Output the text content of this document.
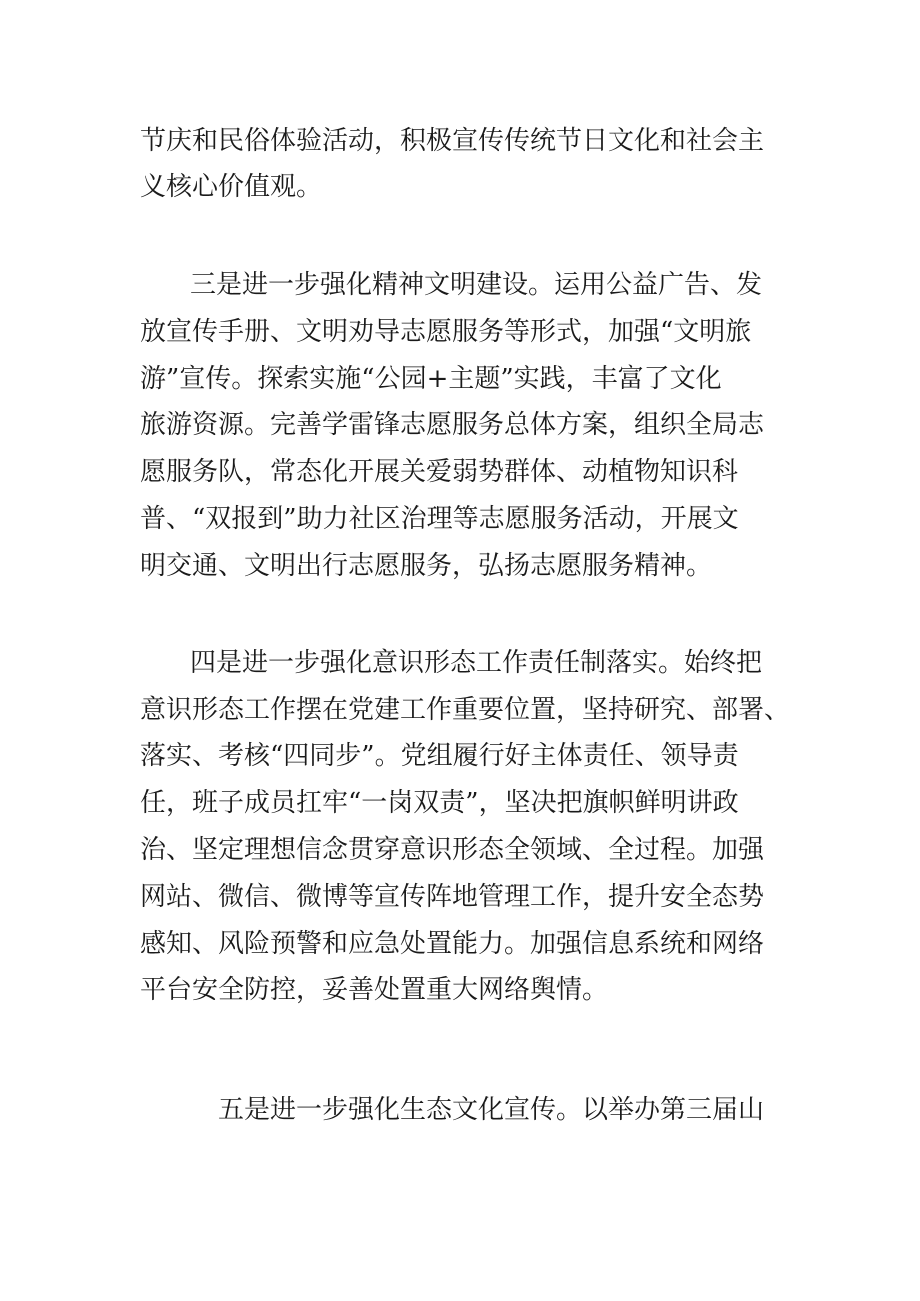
节庆和民俗体验活动，积极宣传传统节日文化和社会主
义核心价值观。
三是进一步强化精神文明建设。运用公益广告、发
放宣传手册、文明劝导志愿服务等形式，加强“文明旅
游”宣传。探索实施“公园+主题”实践，丰富了文化
旅游资源。完善学雷锋志愿服务总体方案，组织全局志
愿服务队，常态化开展关爱弱势群体、动植物知识科
普、“双报到”助力社区治理等志愿服务活动，开展文
明交通、文明出行志愿服务，弘扬志愿服务精神。
四是进一步强化意识形态工作责任制落实。始终把
意识形态工作摆在党建工作重要位置，坚持研究、部署、
落实、考核“四同步”。党组履行好主体责任、领导责
任，班子成员扛牢“一岗双责”，坚决把旗帜鲜明讲政
治、坚定理想信念贯穿意识形态全领域、全过程。加强
网站、微信、微博等宣传阵地管理工作，提升安全态势
感知、风险预警和应急处置能力。加强信息系统和网络
平台安全防控，妥善处置重大网络舆情。
五是进一步强化生态文化宣传。以举办第三届山
